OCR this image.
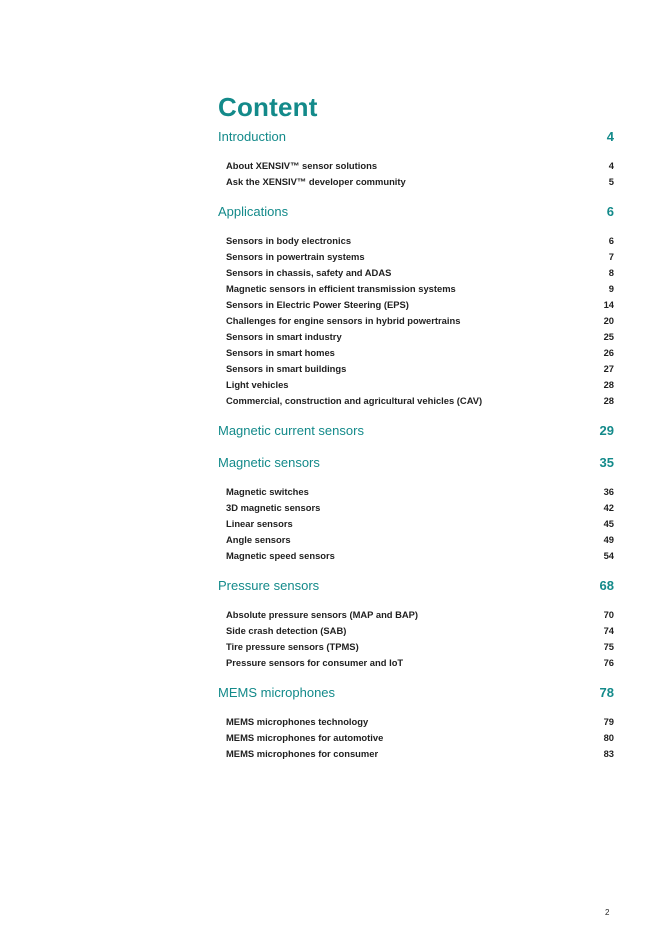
Content
Introduction	4
About XENSIV™ sensor solutions	4
Ask the XENSIV™ developer community	5
Applications	6
Sensors in body electronics	6
Sensors in powertrain systems	7
Sensors in chassis, safety and ADAS	8
Magnetic sensors in efficient transmission systems	9
Sensors in Electric Power Steering (EPS)	14
Challenges for engine sensors in hybrid powertrains	20
Sensors in smart industry	25
Sensors in smart homes	26
Sensors in smart buildings	27
Light vehicles	28
Commercial, construction and agricultural vehicles (CAV)	28
Magnetic current sensors	29
Magnetic sensors	35
Magnetic switches	36
3D magnetic sensors	42
Linear sensors	45
Angle sensors	49
Magnetic speed sensors	54
Pressure sensors	68
Absolute pressure sensors (MAP and BAP)	70
Side crash detection (SAB)	74
Tire pressure sensors (TPMS)	75
Pressure sensors for consumer and IoT	76
MEMS microphones	78
MEMS microphones technology	79
MEMS microphones for automotive	80
MEMS microphones for consumer	83
2
